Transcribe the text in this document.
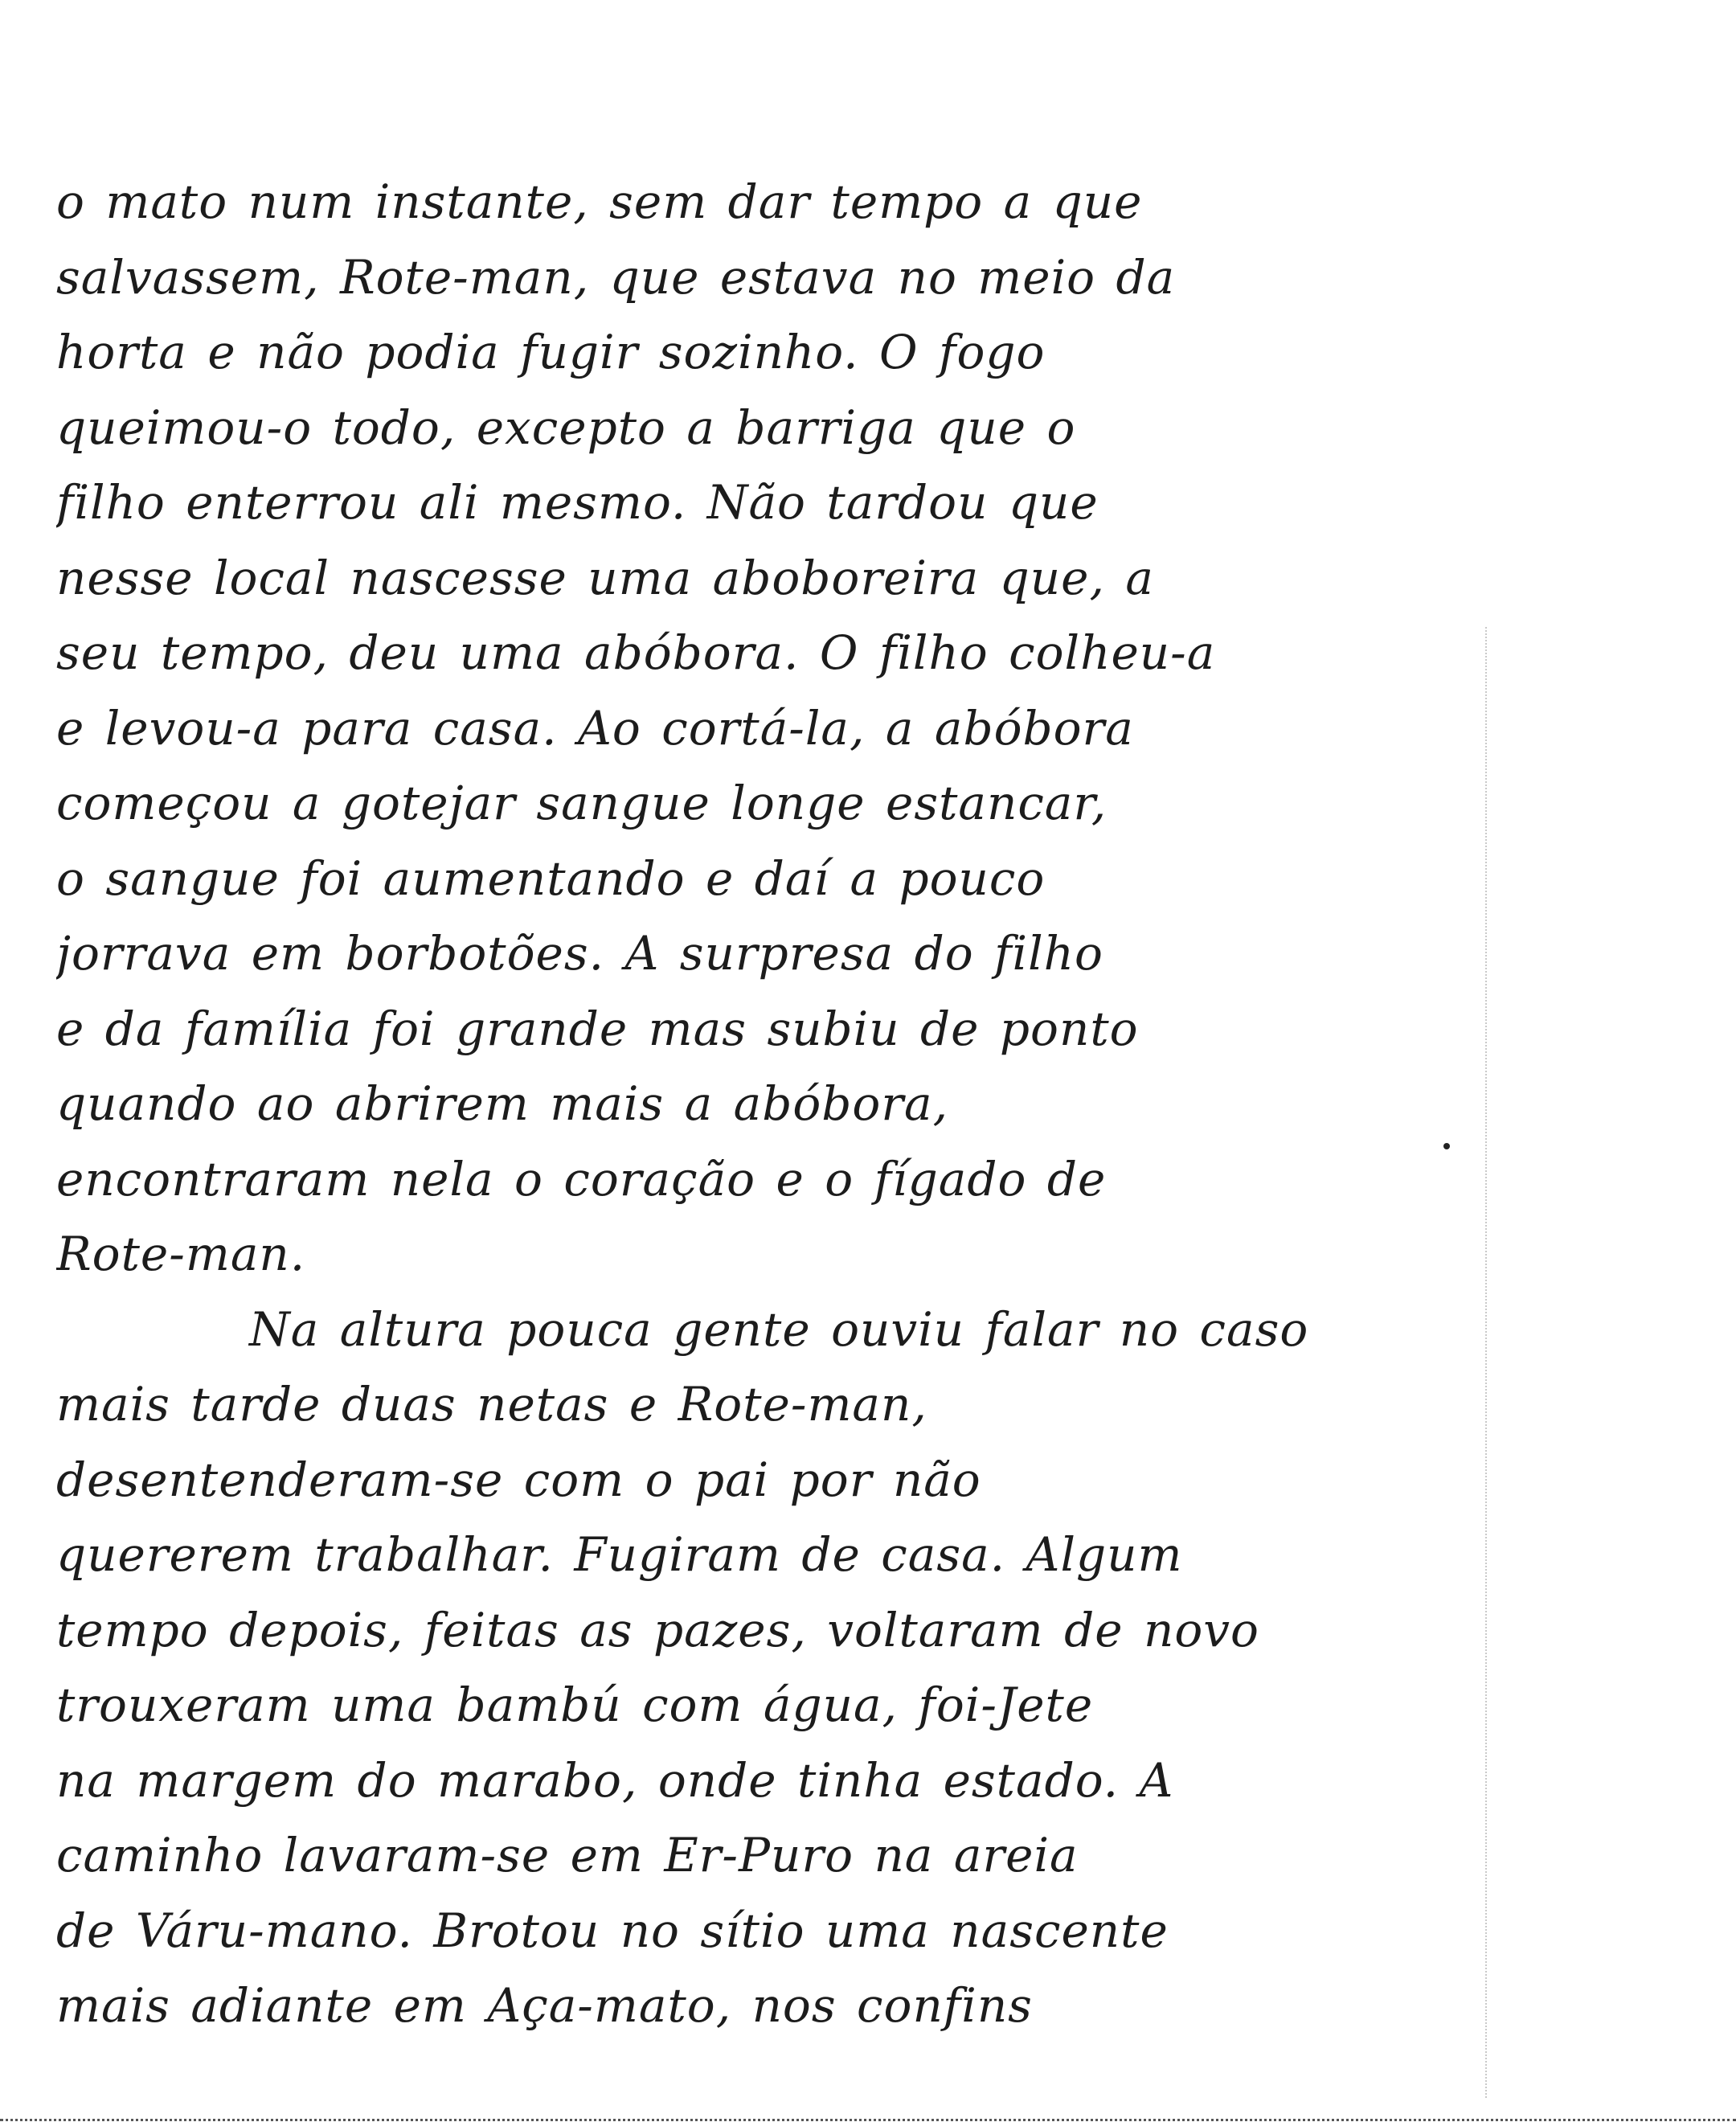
o mato num instante, sem dar tempo a que
salvassem, Rote-man, que estava no meio da
horta e não podia fugir sozinho. O fogo
queimou-o todo, excepto a barriga que o
filho enterrou ali mesmo. Não tardou que
nesse local nascesse uma aboboreira que, a
seu tempo, deu uma abóbora. O filho colheu-a
e levou-a para casa. Ao cortá-la, a abóbora
começou a gotejar sangue longe estancar,
o sangue foi aumentando e daí a pouco
jorrava em borbotões. A surpresa do filho
e da família foi grande mas subiu de ponto
quando ao abrirem mais a abóbora,
encontraram nela o coração e o fígado de
Rote-man.
Na altura pouca gente ouviu falar no caso
mais tarde duas netas e Rote-man,
desentenderam-se com o pai por não
quererem trabalhar. Fugiram de casa. Algum
tempo depois, feitas as pazes, voltaram de novo
trouxeram uma bambú com água, foi-Jete
na margem do marabo, onde tinha estado. A
caminho lavaram-se em Er-Puro na areia
de Váru-mano. Brotou no sítio uma nascente
mais adiante em Aça-mato, nos confins
